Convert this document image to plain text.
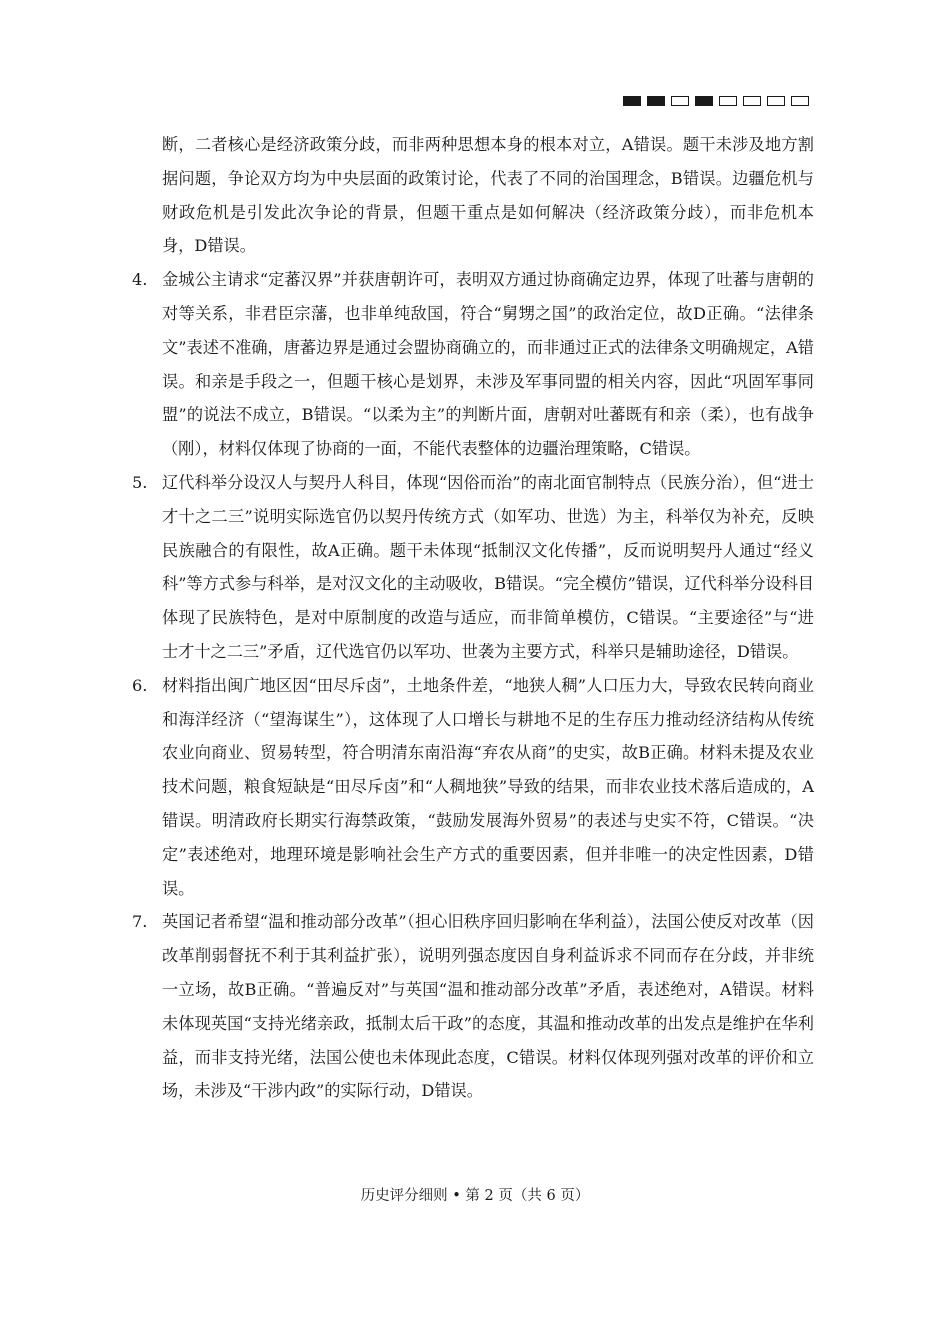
断，二者核心是经济政策分歧，而非两种思想本身的根本对立，A错误。题干未涉及地方割据问题，争论双方均为中央层面的政策讨论，代表了不同的治国理念，B错误。边疆危机与财政危机是引发此次争论的背景，但题干重点是如何解决（经济政策分歧），而非危机本身，D错误。

4. 金城公主请求“定蕃汉界”并获唐朝许可，表明双方通过协商确定边界，体现了吐蕃与唐朝的对等关系，非君臣宗藩，也非单纯敌国，符合“舅甥之国”的政治定位，故D正确。“法律条文”表述不准确，唐蕃边界是通过会盟协商确立的，而非通过正式的法律条文明确规定，A错误。和亲是手段之一，但题干核心是划界，未涉及军事同盟的相关内容，因此“巩固军事同盟”的说法不成立，B错误。“以柔为主”的判断片面，唐朝对吐蕃既有和亲（柔），也有战争（刚），材料仅体现了协商的一面，不能代表整体的边疆治理策略，C错误。

5. 辽代科举分设汉人与契丹人科目，体现“因俗而治”的南北面官制特点（民族分治），但“进士才十之二三”说明实际选官仍以契丹传统方式（如军功、世选）为主，科举仅为补充，反映民族融合的有限性，故A正确。题干未体现“抵制汉文化传播”，反而说明契丹人通过“经义科”等方式参与科举，是对汉文化的主动吸收，B错误。“完全模仿”错误，辽代科举分设科目体现了民族特色，是对中原制度的改造与适应，而非简单模仿，C错误。“主要途径”与“进士才十之二三”矛盾，辽代选官仍以军功、世袭为主要方式，科举只是辅助途径，D错误。

6. 材料指出闽广地区因“田尽斥卤”，土地条件差，“地狭人稠”人口压力大，导致农民转向商业和海洋经济（“望海谋生”），这体现了人口增长与耕地不足的生存压力推动经济结构从传统农业向商业、贸易转型，符合明清东南沿海“弃农从商”的史实，故B正确。材料未提及农业技术问题，粮食短缺是“田尽斥卤”和“人稠地狭”导致的结果，而非农业技术落后造成的，A错误。明清政府长期实行海禁政策，“鼓励发展海外贸易”的表述与史实不符，C错误。“决定”表述绝对，地理环境是影响社会生产方式的重要因素，但并非唯一的决定性因素，D错误。

7. 英国记者希望“温和推动部分改革”（担心旧秩序回归影响在华利益），法国公使反对改革（因改革削弱督抚不利于其利益扩张），说明列强态度因自身利益诉求不同而存在分歧，并非统一立场，故B正确。“普遍反对”与英国“温和推动部分改革”矛盾，表述绝对，A错误。材料未体现英国“支持光绪亲政，抵制太后干政”的态度，其温和推动改革的出发点是维护在华利益，而非支持光绪，法国公使也未体现此态度，C错误。材料仅体现列强对改革的评价和立场，未涉及“干涉内政”的实际行动，D错误。

历史评分细则 • 第 2 页（共 6 页）
